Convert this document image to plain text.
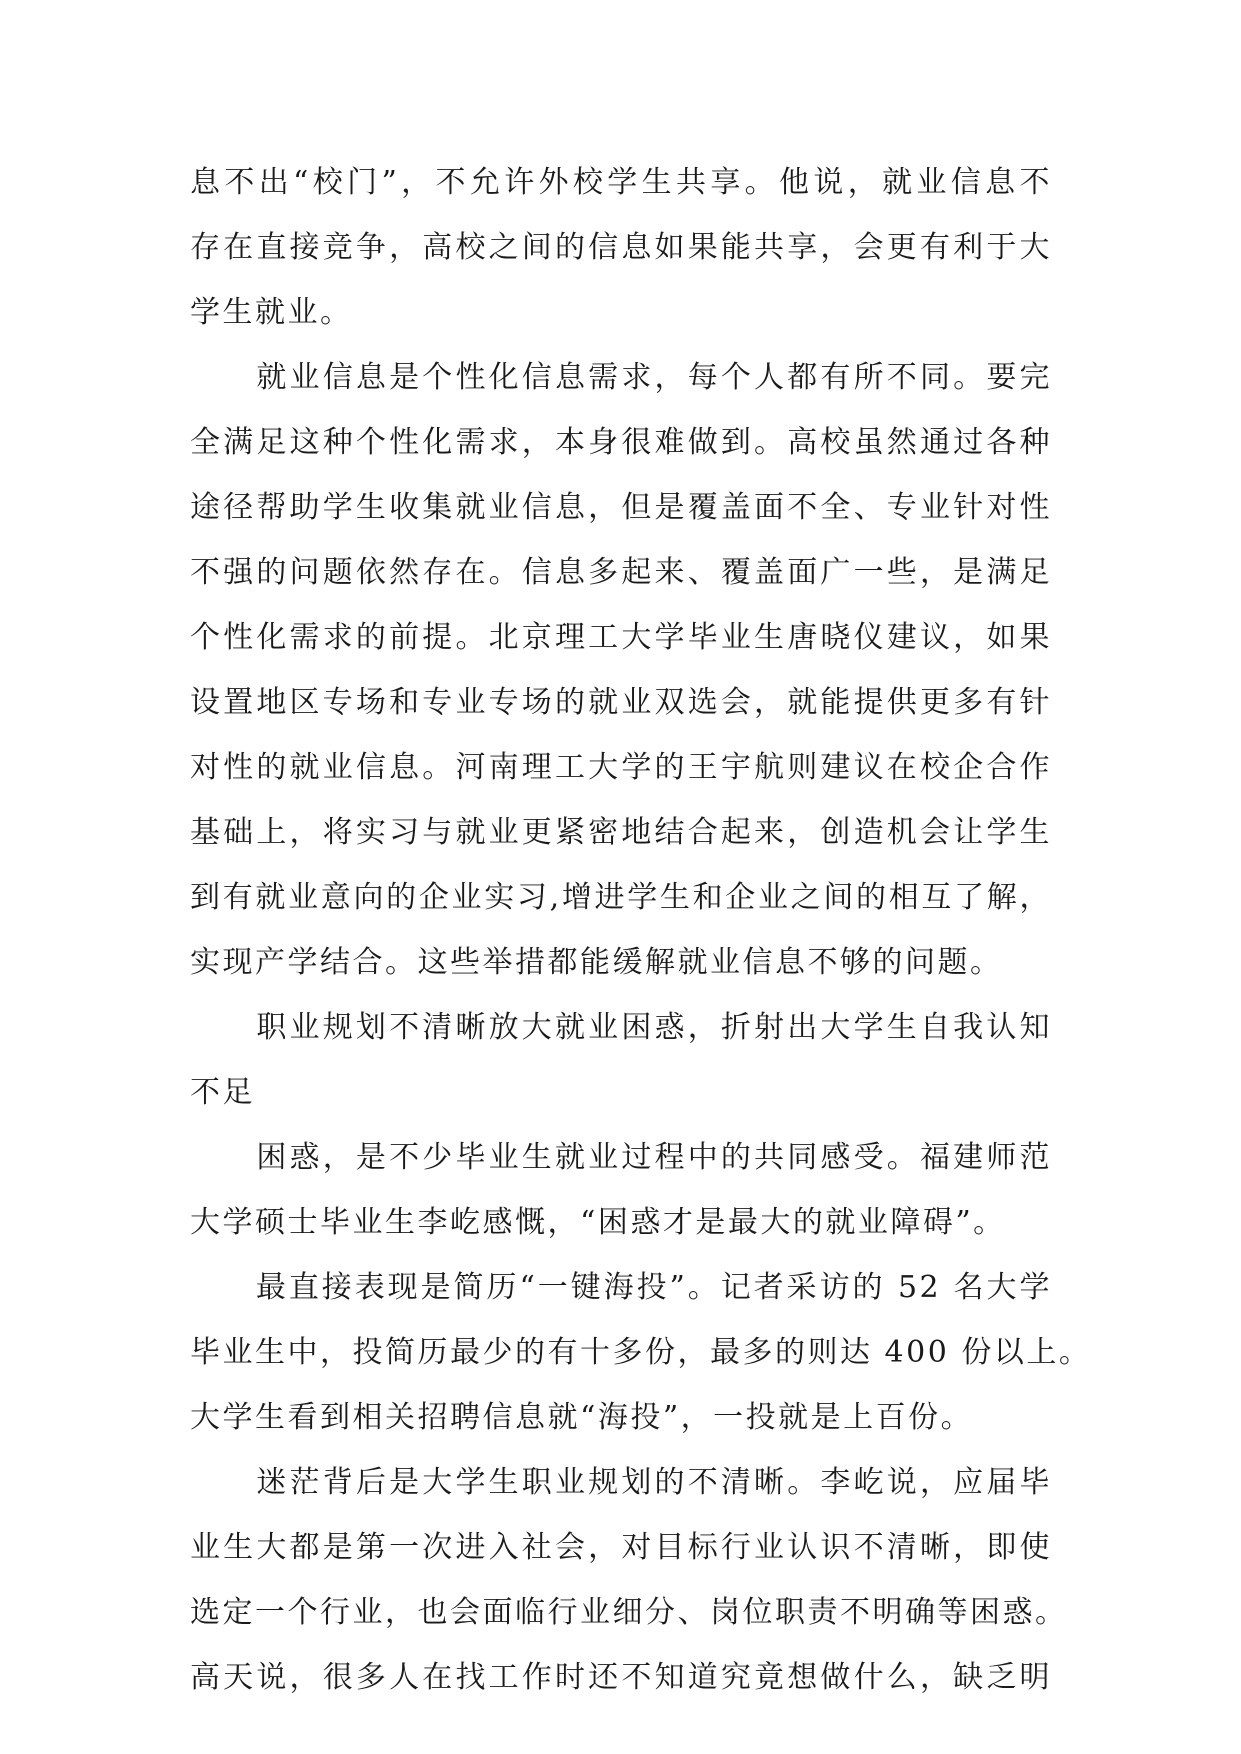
息不出“校门”，不允许外校学生共享。他说，就业信息不
存在直接竞争，高校之间的信息如果能共享，会更有利于大
学生就业。
　　就业信息是个性化信息需求，每个人都有所不同。要完
全满足这种个性化需求，本身很难做到。高校虽然通过各种
途径帮助学生收集就业信息，但是覆盖面不全、专业针对性
不强的问题依然存在。信息多起来、覆盖面广一些，是满足
个性化需求的前提。北京理工大学毕业生唐晓仪建议，如果
设置地区专场和专业专场的就业双选会，就能提供更多有针
对性的就业信息。河南理工大学的王宇航则建议在校企合作
基础上，将实习与就业更紧密地结合起来，创造机会让学生
到有就业意向的企业实习,增进学生和企业之间的相互了解，
实现产学结合。这些举措都能缓解就业信息不够的问题。
　　职业规划不清晰放大就业困惑，折射出大学生自我认知
不足
　　困惑，是不少毕业生就业过程中的共同感受。福建师范
大学硕士毕业生李屹感慨，“困惑才是最大的就业障碍”。
　　最直接表现是简历“一键海投”。记者采访的 52 名大学
毕业生中，投简历最少的有十多份，最多的则达 400 份以上。
大学生看到相关招聘信息就“海投”，一投就是上百份。
　　迷茫背后是大学生职业规划的不清晰。李屹说，应届毕
业生大都是第一次进入社会，对目标行业认识不清晰，即使
选定一个行业，也会面临行业细分、岗位职责不明确等困惑。
高天说，很多人在找工作时还不知道究竟想做什么，缺乏明
